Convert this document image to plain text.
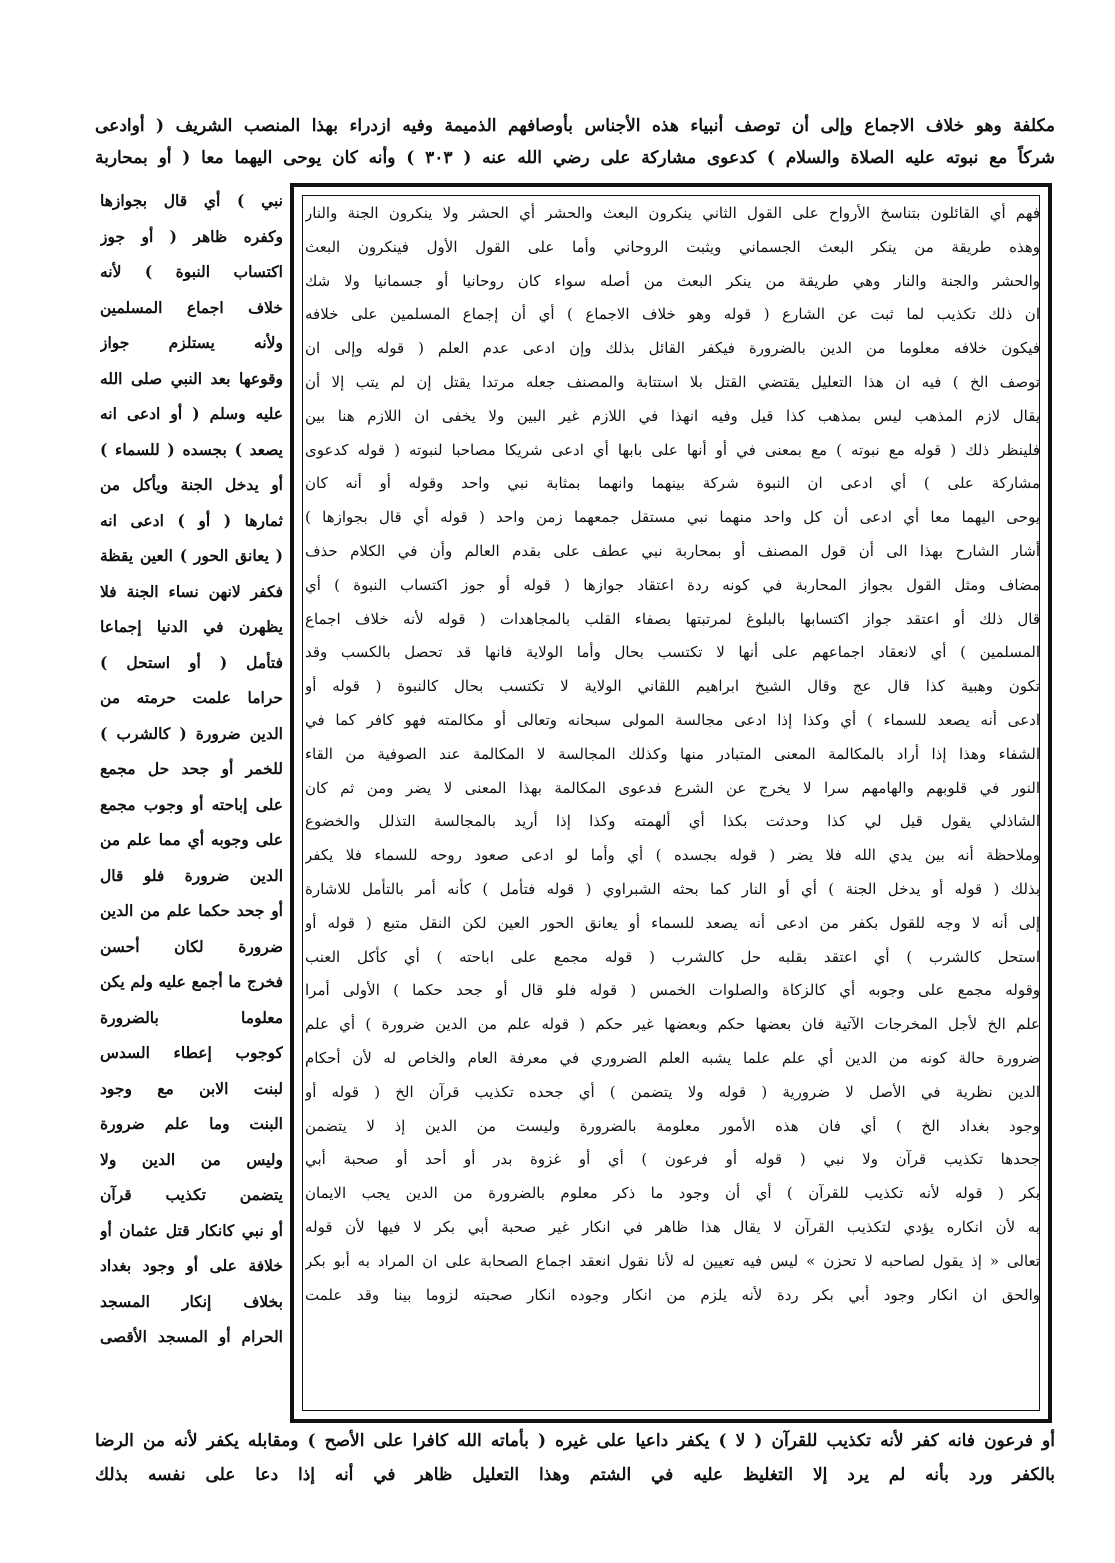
مكلفة وهو خلاف الاجماع وإلى أن توصف أنبياء هذه الأجناس بأوصافهم الذميمة وفيه ازدراء بهذا المنصب الشريف ( أوادعى
شركاً مع نبوته عليه الصلاة والسلام ) كدعوى مشاركة على رضي الله عنه ( ٣٠٣ ) وأنه كان يوحى اليهما معا ( أو بمحاربة
فهم أي القائلون بتناسخ الأرواح على القول الثاني ينكرون البعث والحشر أي الحشر ولا ينكرون الجنة والنار
وهذه طريقة من ينكر البعث الجسماني ويثبت الروحاني وأما على القول الأول فينكرون البعث
والحشر والجنة والنار وهي طريقة من ينكر البعث من أصله سواء كان روحانيا أو جسمانيا ولا شك
ان ذلك تكذيب لما ثبت عن الشارع ( قوله وهو خلاف الاجماع ) أي أن إجماع المسلمين على خلافه
فيكون خلافه معلوما من الدين بالضرورة فيكفر القائل بذلك وإن ادعى عدم العلم ( قوله وإلى ان
توصف الخ ) فيه ان هذا التعليل يقتضي القتل بلا استتابة والمصنف جعله مرتدا يقتل إن لم يتب إلا أن
يقال لازم المذهب ليس بمذهب كذا قيل وفيه انهذا في اللازم غير البين ولا يخفى ان اللازم هنا بين
فلينظر ذلك ( قوله مع نبوته ) مع بمعنى في أو أنها على بابها أي ادعى شريكا مصاحبا لنبوته ( قوله كدعوى
مشاركة على ) أي ادعى ان النبوة شركة بينهما وانهما بمثابة نبي واحد وقوله أو أنه كان
يوحى اليهما معا أي ادعى أن كل واحد منهما نبي مستقل جمعهما زمن واحد ( قوله أي قال بجوازها )
أشار الشارح بهذا الى أن قول المصنف أو بمحاربة نبي عطف على بقدم العالم وأن في الكلام حذف
مضاف ومثل القول بجواز المحاربة في كونه ردة اعتقاد جوازها ( قوله أو جوز اكتساب النبوة ) أي
قال ذلك أو اعتقد جواز اكتسابها بالبلوغ لمرتبتها بصفاء القلب بالمجاهدات ( قوله لأنه خلاف اجماع
المسلمين ) أي لانعقاد اجماعهم على أنها لا تكتسب بحال وأما الولاية فانها قد تحصل بالكسب وقد
تكون وهبية كذا قال عج وقال الشيخ ابراهيم اللقاني الولاية لا تكتسب بحال كالنبوة ( قوله أو
ادعى أنه يصعد للسماء ) أي وكذا إذا ادعى مجالسة المولى سبحانه وتعالى أو مكالمته فهو كافر كما في
الشفاء وهذا إذا أراد بالمكالمة المعنى المتبادر منها وكذلك المجالسة لا المكالمة عند الصوفية من القاء
النور في قلوبهم والهامهم سرا لا يخرج عن الشرع فدعوى المكالمة بهذا المعنى لا يضر ومن ثم كان
الشاذلي يقول قيل لي كذا وحدثت بكذا أي ألهمته وكذا إذا أريد بالمجالسة التذلل والخضوع
وملاحظة أنه بين يدي الله فلا يضر ( قوله بجسده ) أي وأما لو ادعى صعود روحه للسماء فلا يكفر
بذلك ( قوله أو يدخل الجنة ) أي أو النار كما بحثه الشبراوي ( قوله فتأمل ) كأنه أمر بالتأمل للاشارة
إلى أنه لا وجه للقول بكفر من ادعى أنه يصعد للسماء أو يعانق الحور العين لكن النقل متبع ( قوله أو
استحل كالشرب ) أي اعتقد بقلبه حل كالشرب ( قوله مجمع على اباحته ) أي كأكل العنب
وقوله مجمع على وجوبه أي كالزكاة والصلوات الخمس ( قوله فلو قال أو جحد حكما ) الأولى أمرا
علم الخ لأجل المخرجات الآتية فان بعضها حكم وبعضها غير حكم ( قوله علم من الدين ضرورة ) أي علم
ضرورة حالة كونه من الدين أي علم علما يشبه العلم الضروري في معرفة العام والخاص له لأن أحكام
الدين نظرية في الأصل لا ضرورية ( قوله ولا يتضمن ) أي جحده تكذيب قرآن الخ ( قوله أو
وجود بغداد الخ ) أي فان هذه الأمور معلومة بالضرورة وليست من الدين إذ لا يتضمن
جحدها تكذيب قرآن ولا نبي ( قوله أو فرعون ) أي أو غزوة بدر أو أحد أو صحبة أبي
بكر ( قوله لأنه تكذيب للقرآن ) أي أن وجود ما ذكر معلوم بالضرورة من الدين يجب الايمان
به لأن انكاره يؤدي لتكذيب القرآن لا يقال هذا ظاهر في انكار غير صحبة أبي بكر لا فيها لأن قوله
تعالى « إذ يقول لصاحبه لا تحزن » ليس فيه تعيين له لأنا نقول انعقد اجماع الصحابة على ان المراد به أبو بكر
والحق ان انكار وجود أبي بكر ردة لأنه يلزم من انكار وجوده انكار صحبته لزوما بينا وقد علمت
نبي ) أي قال بجوازها
وكفره ظاهر ( أو جوز
اكتساب النبوة ) لأنه
خلاف اجماع المسلمين
ولأنه يستلزم جواز
وقوعها بعد النبي صلى الله
عليه وسلم ( أو ادعى انه
يصعد ) بجسده ( للسماء )
أو يدخل الجنة ويأكل من
ثمارها ( أو ) ادعى انه
( يعانق الحور ) العين يقظة
فكفر لانهن نساء الجنة فلا
يظهرن في الدنيا إجماعا
فتأمل ( أو استحل )
حراما علمت حرمته من
الدين ضرورة ( كالشرب )
للخمر أو جحد حل مجمع
على إباحته أو وجوب مجمع
على وجوبه أي مما علم من
الدين ضرورة فلو قال
أو جحد حكما علم من الدين
ضرورة لكان أحسن
فخرج ما أجمع عليه ولم يكن
معلوما بالضرورة
كوجوب إعطاء السدس
لبنت الابن مع وجود
البنت وما علم ضرورة
وليس من الدين ولا
يتضمن تكذيب قرآن
أو نبي كانكار قتل عثمان أو
خلافة على أو وجود بغداد
بخلاف إنكار المسجد
الحرام أو المسجد الأقصى
أو فرعون فانه كفر لأنه تكذيب للقرآن ( لا ) يكفر داعيا على غيره ( بأماته الله كافرا على الأصح ) ومقابله يكفر لأنه من الرضا
بالكفر ورد بأنه لم يرد إلا التغليظ عليه في الشتم وهذا التعليل ظاهر في أنه إذا دعا على نفسه بذلك
